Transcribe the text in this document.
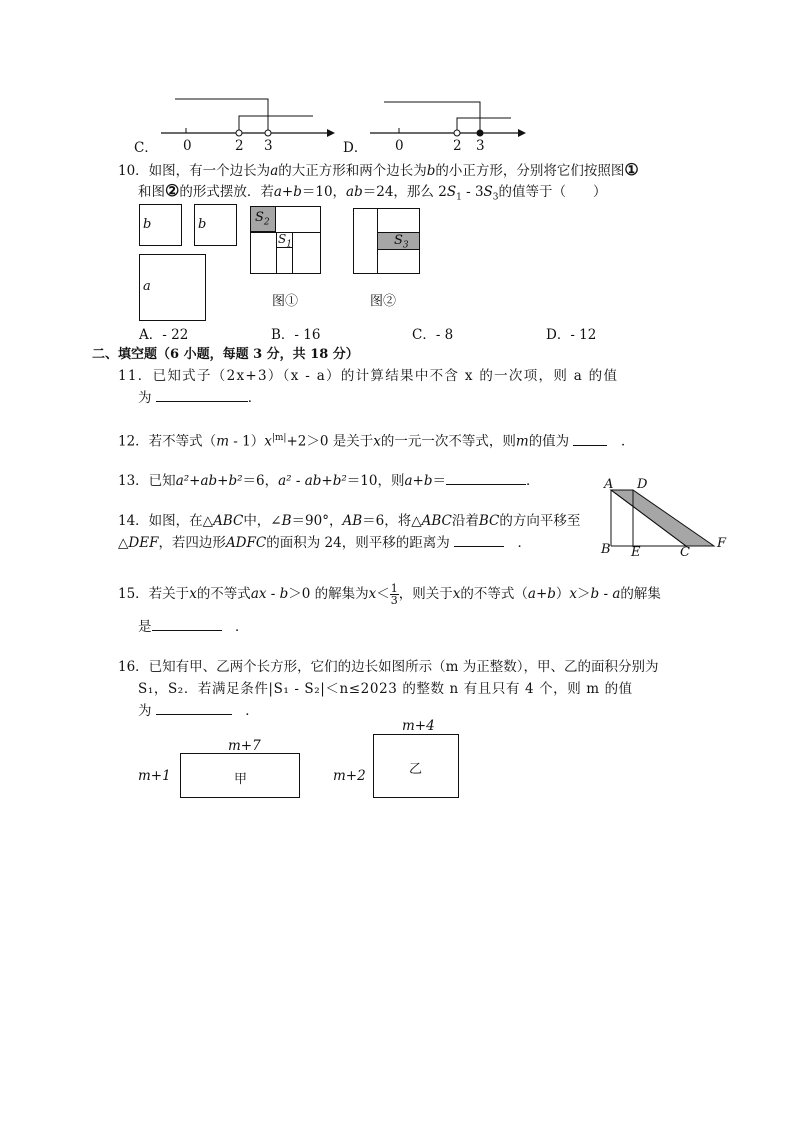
C． 0	2 3	D． 0	2 3
10．如图，有一个边长为a的大正方形和两个边长为b的小正方形，分别将它们按照图①
和图②的形式摆放．若a+b＝10，ab＝24，那么 $2S_1 - 3S_3$的值等于（　　）
b	b
a
$S_2$
$S_1$
图①
$S_3$
图②
A．- 22	B．- 16	C．- 8	D．- 12
二、填空题（6 小题，每题 3 分，共 18 分）
11．已知式子（2x+3）（x - a）的计算结果中不含 x 的一次项，则 a 的值
为	．
12．若不等式$(m - 1)x^{|m|}+2>0$ 是关于x的一元一次不等式，则m的值为 　	．
13．已知a²+ab+b²＝6，a² - ab+b²＝10，则a+b＝	．
14．如图，在△ABC中，∠B＝90°，AB＝6，将△ABC沿着BC的方向平移至
△DEF，若四边形ADFC的面积为 24，则平移的距离为 　	．
A D
B E	C
F
15．若关于x的不等式ax - b＞0 的解集为$x< \frac{1}{3}$ ，则关于x的不等式（a+b）x＞b - a的解集
是　	．
16．已知有甲、乙两个长方形，它们的边长如图所示（m 为正整数），甲、乙的面积分别为
S₁，S₂．若满足条件|S₁ - S₂|＜n≤2023 的整数 n 有且只有 4 个，则 m 的值
为 　	．
m+7
m+1	甲
m+4
m+2	乙
